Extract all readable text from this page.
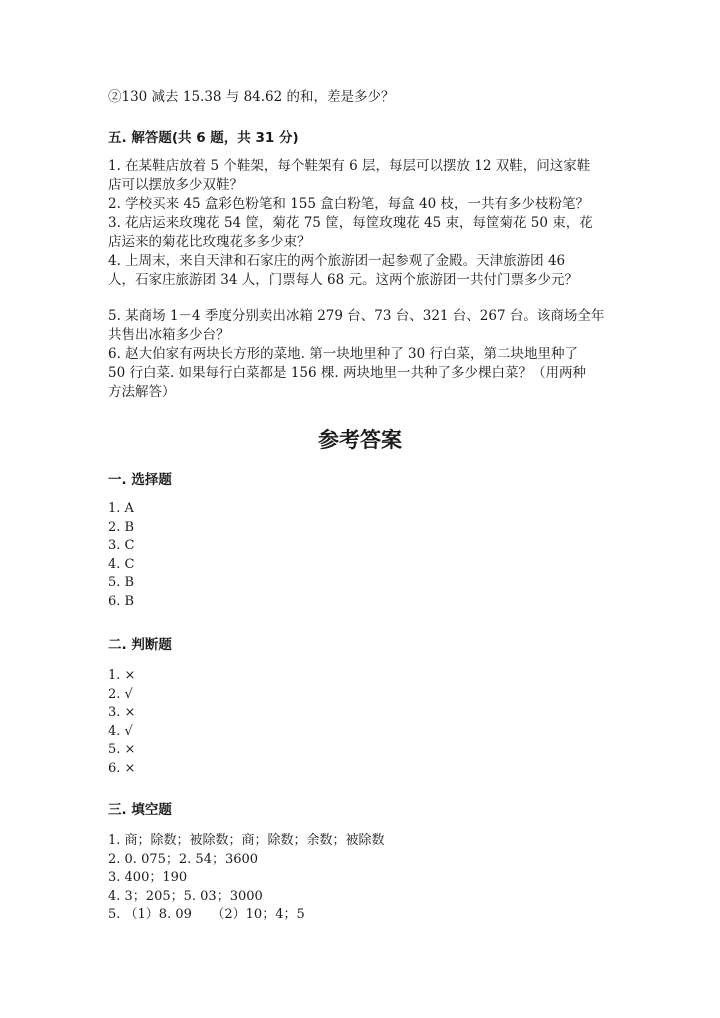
②130 减去 15.38 与 84.62 的和，差是多少？
五. 解答题(共 6 题，共 31 分)
1. 在某鞋店放着 5 个鞋架，每个鞋架有 6 层，每层可以摆放 12 双鞋，问这家鞋
店可以摆放多少双鞋？
2. 学校买来 45 盒彩色粉笔和 155 盒白粉笔，每盒 40 枝，一共有多少枝粉笔？
3. 花店运来玫瑰花 54 筐，菊花 75 筐，每筐玫瑰花 45 束，每筐菊花 50 束，花
店运来的菊花比玫瑰花多多少束？
4. 上周末，来自天津和石家庄的两个旅游团一起参观了金殿。天津旅游团 46
人，石家庄旅游团 34 人，门票每人 68 元。这两个旅游团一共付门票多少元？
5. 某商场 1－4 季度分别卖出冰箱 279 台、73 台、321 台、267 台。该商场全年
共售出冰箱多少台？
6. 赵大伯家有两块长方形的菜地. 第一块地里种了 30 行白菜，第二块地里种了
50 行白菜. 如果每行白菜都是 156 棵. 两块地里一共种了多少棵白菜？（用两种
方法解答）
参考答案
一. 选择题
1. A
2. B
3. C
4. C
5. B
6. B
二. 判断题
1. ×
2. √
3. ×
4. √
5. ×
6. ×
三. 填空题
1. 商；除数；被除数；商；除数；余数；被除数
2. 0. 075；2. 54；3600
3. 400；190
4. 3；205；5. 03；3000
5. （1）8. 09　　（2）10；4；5
